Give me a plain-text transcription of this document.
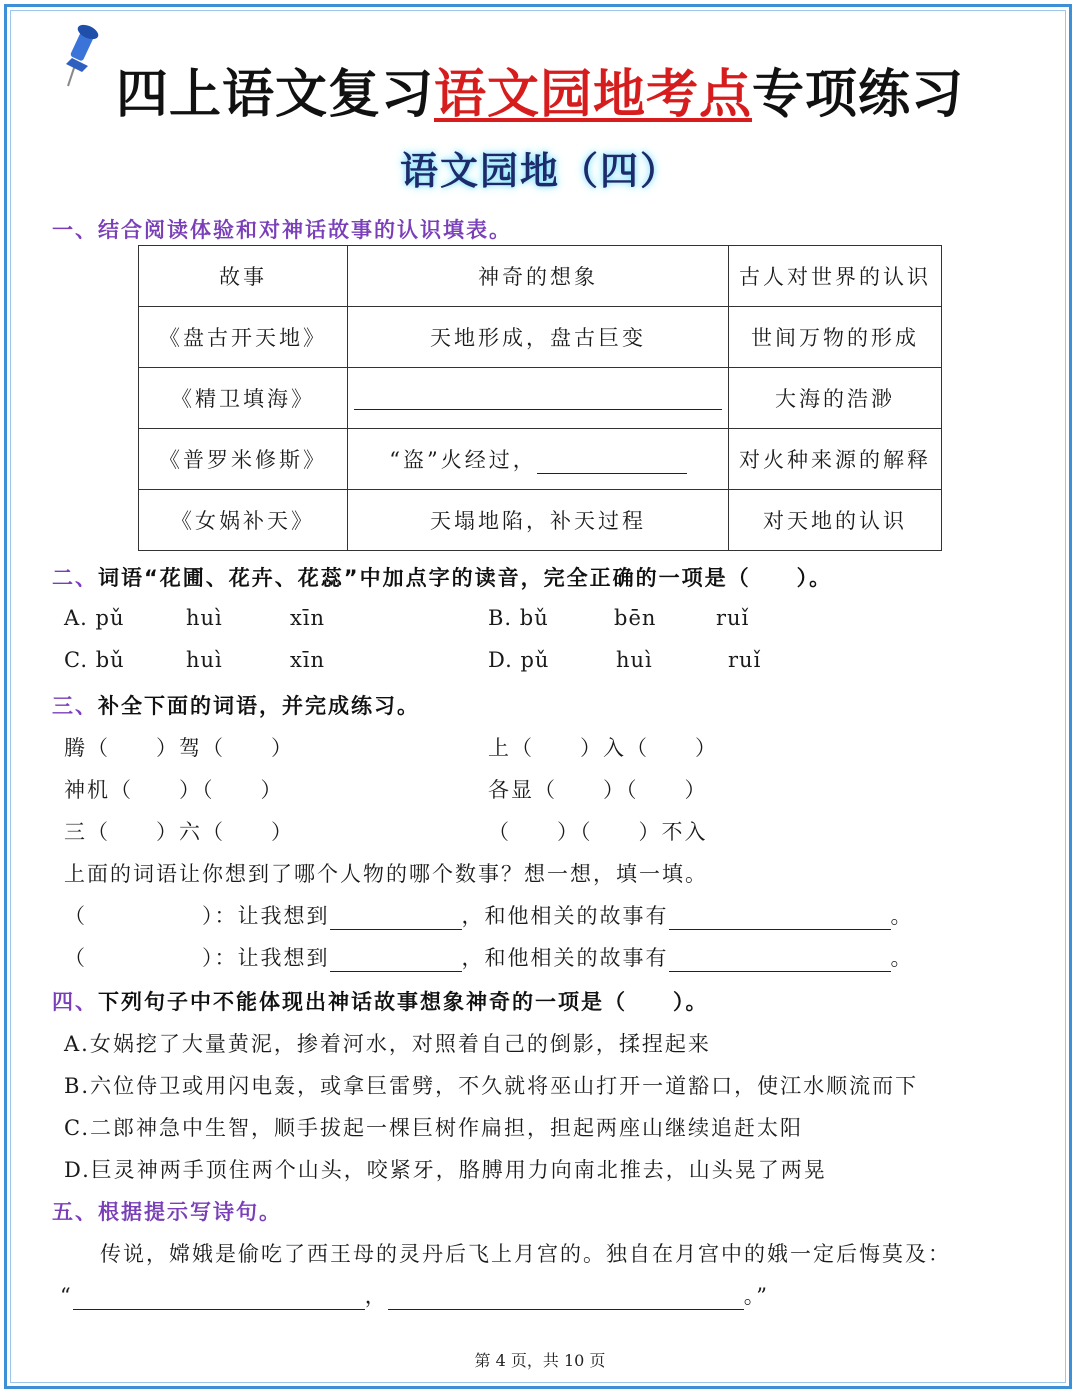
四上语文复习语文园地考点专项练习
语文园地（四）
一、结合阅读体验和对神话故事的认识填表。
故事	神奇的想象	古人对世界的认识
《盘古开天地》	天地形成，盘古巨变	世间万物的形成
《精卫填海》		大海的浩渺
《普罗米修斯》	“盗”火经过，	对火种来源的解释
《女娲补天》	天塌地陷，补天过程	对天地的认识
二、词语“花圃、花卉、花蕊”中加点字的读音，完全正确的一项是（　　）。
A. pǔ	huì	xīn	B. bǔ	bēn	ruǐ
C. bǔ	huì	xīn	D. pǔ	huì	ruǐ
三、补全下面的词语，并完成练习。
腾（　　）驾（　　）	上（　　）入（　　）
神机（　　）（　　）	各显（　　）（　　）
三（　　）六（　　）	（　　）（　　）不入
上面的词语让你想到了哪个人物的哪个数事？想一想，填一填。
（　　　　　）：让我想到	，和他相关的故事有	。
（　　　　　）：让我想到	，和他相关的故事有	。
四、下列句子中不能体现出神话故事想象神奇的一项是（　　）。
A.女娲挖了大量黄泥，掺着河水，对照着自己的倒影，揉捏起来
B.六位侍卫或用闪电轰，或拿巨雷劈，不久就将巫山打开一道豁口，使江水顺流而下
C.二郎神急中生智，顺手拔起一棵巨树作扁担，担起两座山继续追赶太阳
D.巨灵神两手顶住两个山头，咬紧牙，胳膊用力向南北推去，山头晃了两晃
五、根据提示写诗句。
传说，嫦娥是偷吃了西王母的灵丹后飞上月宫的。独自在月宫中的娥一定后悔莫及：
“	，	。”
第 4 页，共 10 页
